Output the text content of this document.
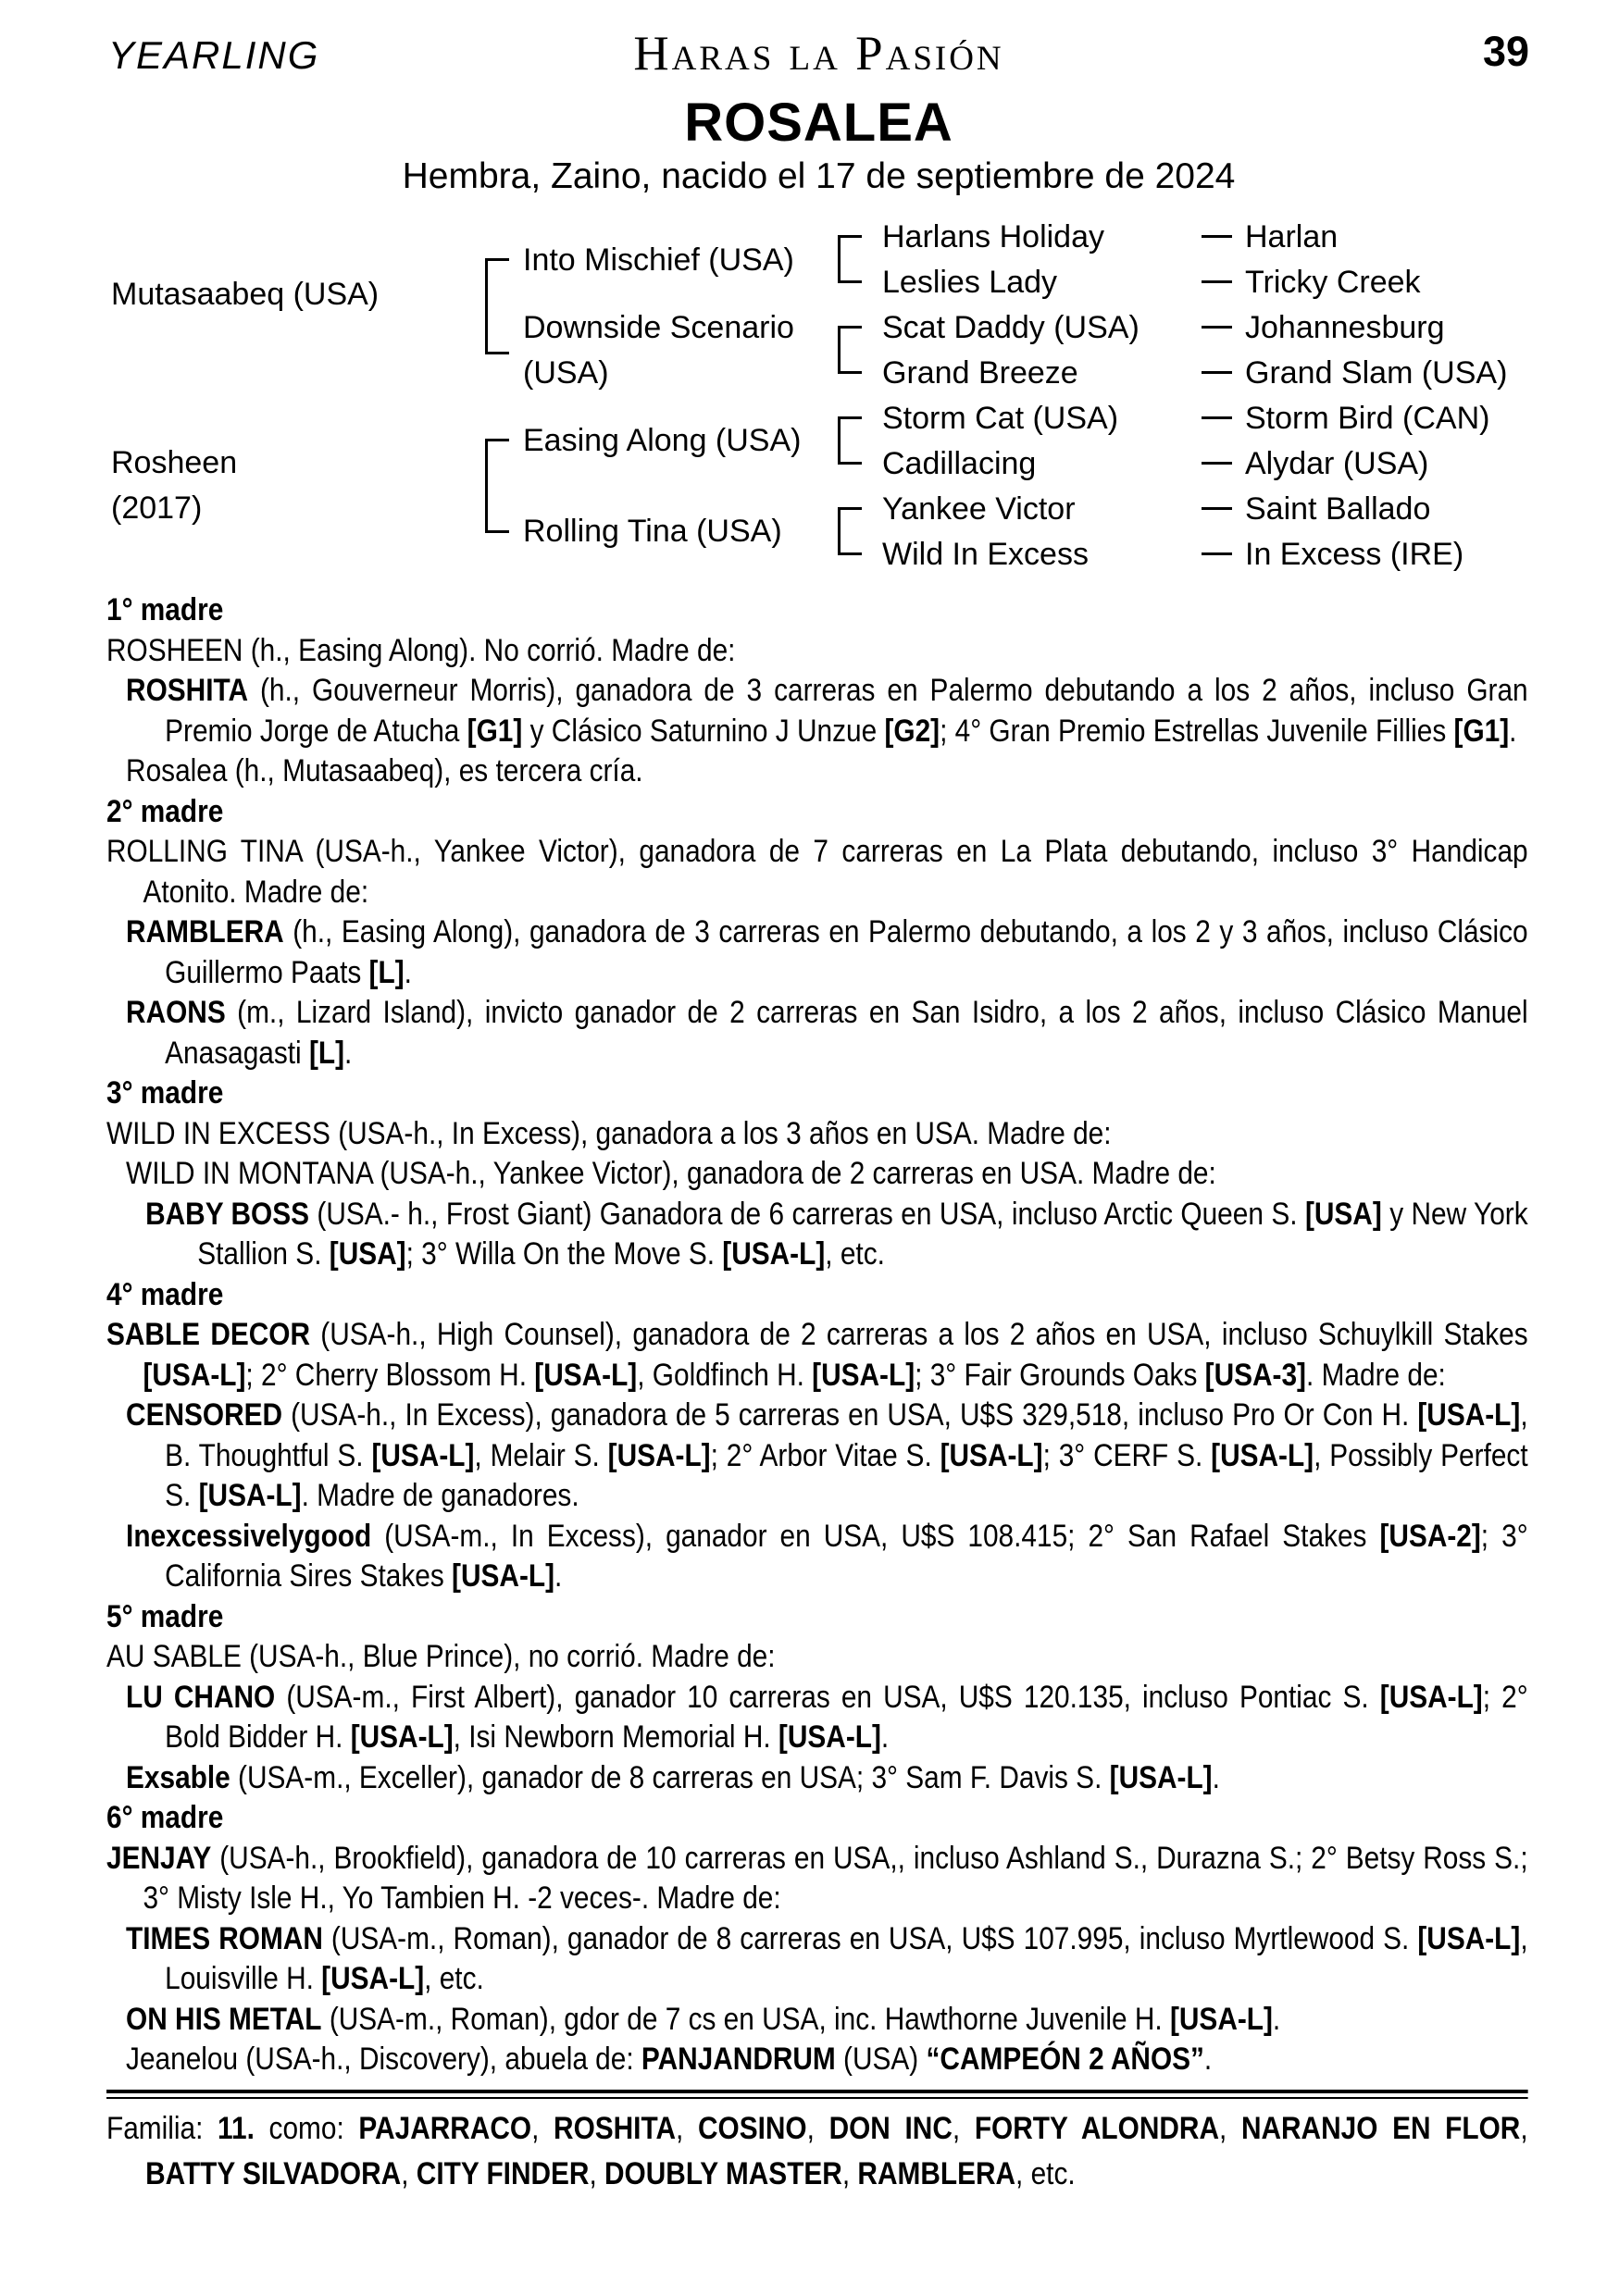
YEARLING	Haras la Pasión	39
ROSALEA
Hembra, Zaino, nacido el 17 de septiembre de 2024
Mutasaabeq (USA)
Rosheen (2017)
Into Mischief (USA)
Downside Scenario (USA)
Easing Along (USA)
Rolling Tina (USA)
Harlans Holiday
Leslies Lady
Scat Daddy (USA)
Grand Breeze
Storm Cat (USA)
Cadillacing
Yankee Victor
Wild In Excess
Harlan
Tricky Creek
Johannesburg
Grand Slam (USA)
Storm Bird (CAN)
Alydar (USA)
Saint Ballado
In Excess (IRE)
1° madre
ROSHEEN (h., Easing Along). No corrió. Madre de:
ROSHITA (h., Gouverneur Morris), ganadora de 3 carreras en Palermo debutando a los 2 años, incluso Gran Premio Jorge de Atucha [G1] y Clásico Saturnino J Unzue [G2]; 4° Gran Premio Estrellas Juvenile Fillies [G1].
Rosalea (h., Mutasaabeq), es tercera cría.
2° madre
ROLLING TINA (USA-h., Yankee Victor), ganadora de 7 carreras en La Plata debutando, incluso 3° Handicap Atonito. Madre de:
RAMBLERA (h., Easing Along), ganadora de 3 carreras en Palermo debutando, a los 2 y 3 años, incluso Clásico Guillermo Paats [L].
RAONS (m., Lizard Island), invicto ganador de 2 carreras en San Isidro, a los 2 años, incluso Clásico Manuel Anasagasti [L].
3° madre
WILD IN EXCESS (USA-h., In Excess), ganadora a los 3 años en USA. Madre de:
WILD IN MONTANA (USA-h., Yankee Victor), ganadora de 2 carreras en USA. Madre de:
BABY BOSS (USA.- h., Frost Giant) Ganadora de 6 carreras en USA, incluso Arctic Queen S. [USA] y New York Stallion S. [USA]; 3° Willa On the Move S. [USA-L], etc.
4° madre
SABLE DECOR (USA-h., High Counsel), ganadora de 2 carreras a los 2 años en USA, incluso Schuylkill Stakes [USA-L]; 2° Cherry Blossom H. [USA-L], Goldfinch H. [USA-L]; 3° Fair Grounds Oaks [USA-3]. Madre de:
CENSORED (USA-h., In Excess), ganadora de 5 carreras en USA, U$S 329,518, incluso Pro Or Con H. [USA-L], B. Thoughtful S. [USA-L], Melair S. [USA-L]; 2° Arbor Vitae S. [USA-L]; 3° CERF S. [USA-L], Possibly Perfect S. [USA-L]. Madre de ganadores.
Inexcessivelygood (USA-m., In Excess), ganador en USA, U$S 108.415; 2° San Rafael Stakes [USA-2]; 3° California Sires Stakes [USA-L].
5° madre
AU SABLE (USA-h., Blue Prince), no corrió. Madre de:
LU CHANO (USA-m., First Albert), ganador 10 carreras en USA, U$S 120.135, incluso Pontiac S. [USA-L]; 2° Bold Bidder H. [USA-L], Isi Newborn Memorial H. [USA-L].
Exsable (USA-m., Exceller), ganador de 8 carreras en USA; 3° Sam F. Davis S. [USA-L].
6° madre
JENJAY (USA-h., Brookfield), ganadora de 10 carreras en USA,, incluso Ashland S., Durazna S.; 2° Betsy Ross S.; 3° Misty Isle H., Yo Tambien H. -2 veces-. Madre de:
TIMES ROMAN (USA-m., Roman), ganador de 8 carreras en USA, U$S 107.995, incluso Myrtlewood S. [USA-L], Louisville H. [USA-L], etc.
ON HIS METAL (USA-m., Roman), gdor de 7 cs en USA, inc. Hawthorne Juvenile H. [USA-L].
Jeanelou (USA-h., Discovery), abuela de: PANJANDRUM (USA) “CAMPEÓN 2 AÑOS”.

Familia: 11. como: PAJARRACO, ROSHITA, COSINO, DON INC, FORTY ALONDRA, NARANJO EN FLOR, BATTY SILVADORA, CITY FINDER, DOUBLY MASTER, RAMBLERA, etc.
